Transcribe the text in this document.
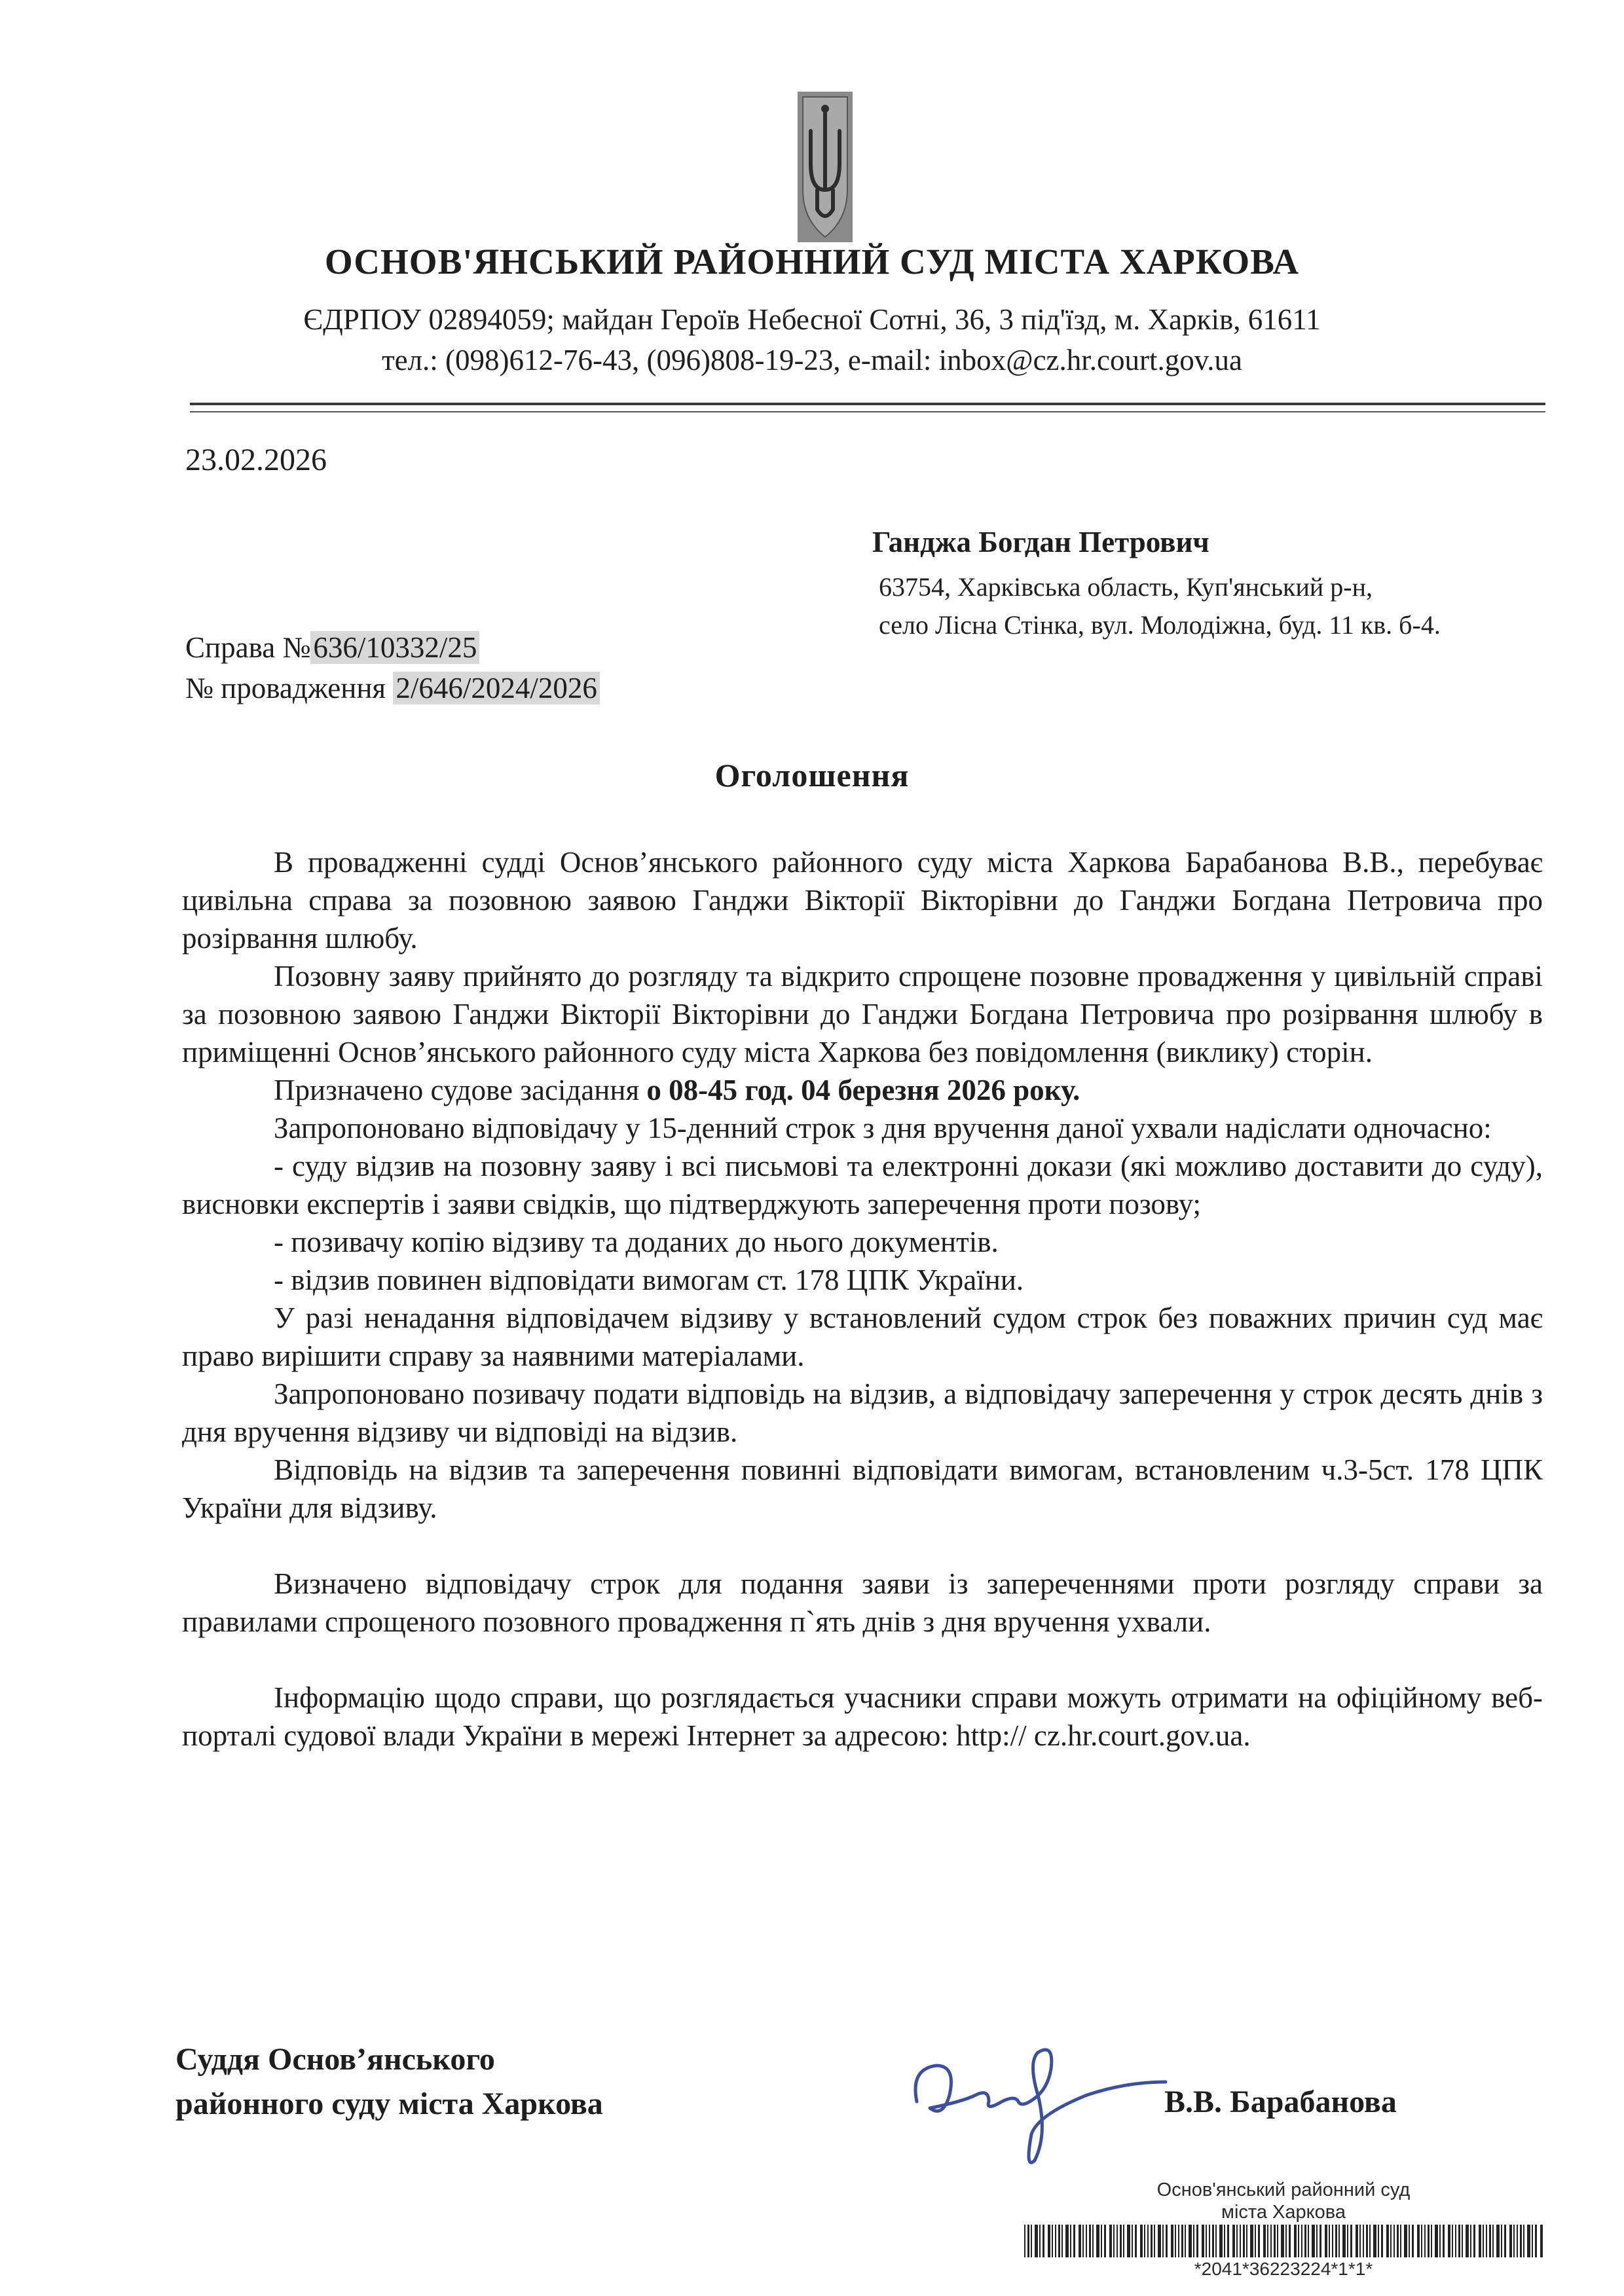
ОСНОВ'ЯНСЬКИЙ РАЙОННИЙ СУД МІСТА ХАРКОВА
ЄДРПОУ 02894059; майдан Героїв Небесної Сотні, 36, 3 під'їзд, м. Харків, 61611
тел.: (098)612-76-43, (096)808-19-23, e-mail: inbox@cz.hr.court.gov.ua
23.02.2026
Ганджа Богдан Петрович
63754, Харківська область, Куп'янський р-н,
село Лісна Стінка, вул. Молодіжна, буд. 11 кв. б-4.
Справа №636/10332/25
№ провадження 2/646/2024/2026
Оголошення

В провадженні судді Основ’янського районного суду міста Харкова Барабанова В.В., перебуває цивільна справа за позовною заявою Ганджи Вікторії Вікторівни до Ганджи Богдана Петровича про розірвання шлюбу.

Позовну заяву прийнято до розгляду та відкрито спрощене позовне провадження у цивільній справі за позовною заявою Ганджи Вікторії Вікторівни до Ганджи Богдана Петровича про розірвання шлюбу в приміщенні Основ’янського районного суду міста Харкова без повідомлення (виклику) сторін.

Призначено судове засідання о 08-45 год. 04 березня 2026 року.

Запропоновано відповідачу у 15-денний строк з дня вручення даної ухвали надіслати одночасно:

- суду відзив на позовну заяву і всі письмові та електронні докази (які можливо доставити до суду), висновки експертів і заяви свідків, що підтверджують заперечення проти позову;

- позивачу копію відзиву та доданих до нього документів.

- відзив повинен відповідати вимогам ст. 178 ЦПК України.

У разі ненадання відповідачем відзиву у встановлений судом строк без поважних причин суд має право вирішити справу за наявними матеріалами.

Запропоновано позивачу подати відповідь на відзив, а відповідачу заперечення у строк десять днів з дня вручення відзиву чи відповіді на відзив.

Відповідь на відзив та заперечення повинні відповідати вимогам, встановленим ч.3-5ст. 178 ЦПК України для відзиву.

Визначено відповідачу строк для подання заяви із запереченнями проти розгляду справи за правилами спрощеного позовного провадження п`ять днів з дня вручення ухвали.

Інформацію щодо справи, що розглядається учасники справи можуть отримати на офіційному веб-порталі судової влади України в мережі Інтернет за адресою: http:// cz.hr.court.gov.ua.

Суддя Основ’янського
районного суду міста Харкова	В.В. Барабанова
Основ'янський районний суд
міста Харкова
*2041*36223224*1*1*
